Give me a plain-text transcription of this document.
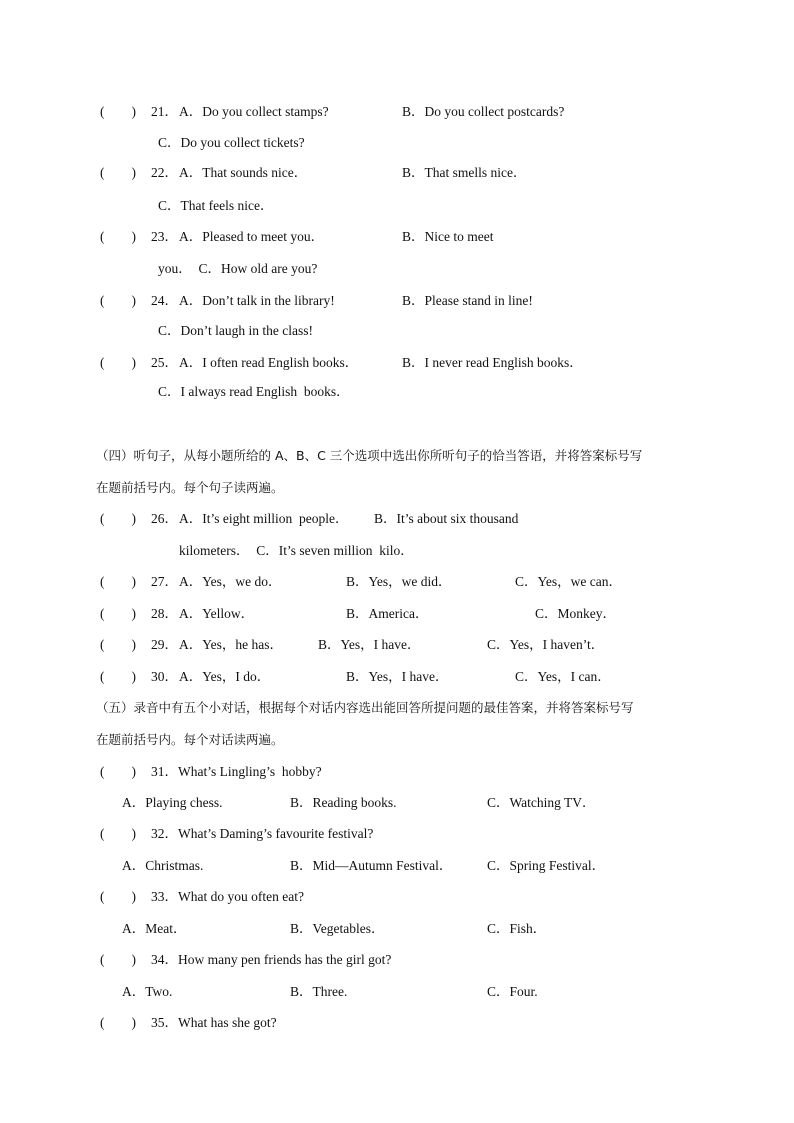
(        ) 21． A．Do you collect stamps?	B．Do you collect postcards?
C．Do you collect tickets?
(        ) 22． A．That sounds nice．	B．That smells nice．
C．That feels nice．
(        ) 23． A．Pleased to meet you．	B．Nice to meet
you．  C．How old are you?
(        ) 24． A．Don’t talk in the library!	B．Please stand in line!
C．Don’t laugh in the class!
(        ) 25． A．I often read English books．	B．I never read English books．
C．I always read English  books．
（四）听句子，从每小题所给的 A、B、C 三个选项中选出你所听句子的恰当答语，并将答案标号写
在题前括号内。每个句子读两遍。
(        ) 26． A．It’s eight million  people． B．It’s about six thousand
kilometers．  C．It’s seven million  kilo．
(        ) 27． A．Yes，we do．	B．Yes，we did．	C．Yes，we can．
(        ) 28． A．Yellow．	B．America．	C．Monkey．
(        ) 29． A．Yes，he has．	B．Yes，I have．	C．Yes，I haven’t．
(        ) 30． A．Yes，I do．	B．Yes，I have．	C．Yes，I can．
（五）录音中有五个小对话，根据每个对话内容选出能回答所提问题的最佳答案，并将答案标号写
在题前括号内。每个对话读两遍。
(        ) 31．What’s Lingling’s  hobby?
A．Playing chess.	B．Reading books.	C．Watching TV．
(        ) 32．What’s Daming’s favourite festival?
A．Christmas.	B．Mid—Autumn Festival．	C．Spring Festival．
(        ) 33．What do you often eat?
A．Meat．	B．Vegetables．	C．Fish．
(        ) 34．How many pen friends has the girl got?
A．Two.	B．Three.	C．Four.
(        ) 35．What has she got?
